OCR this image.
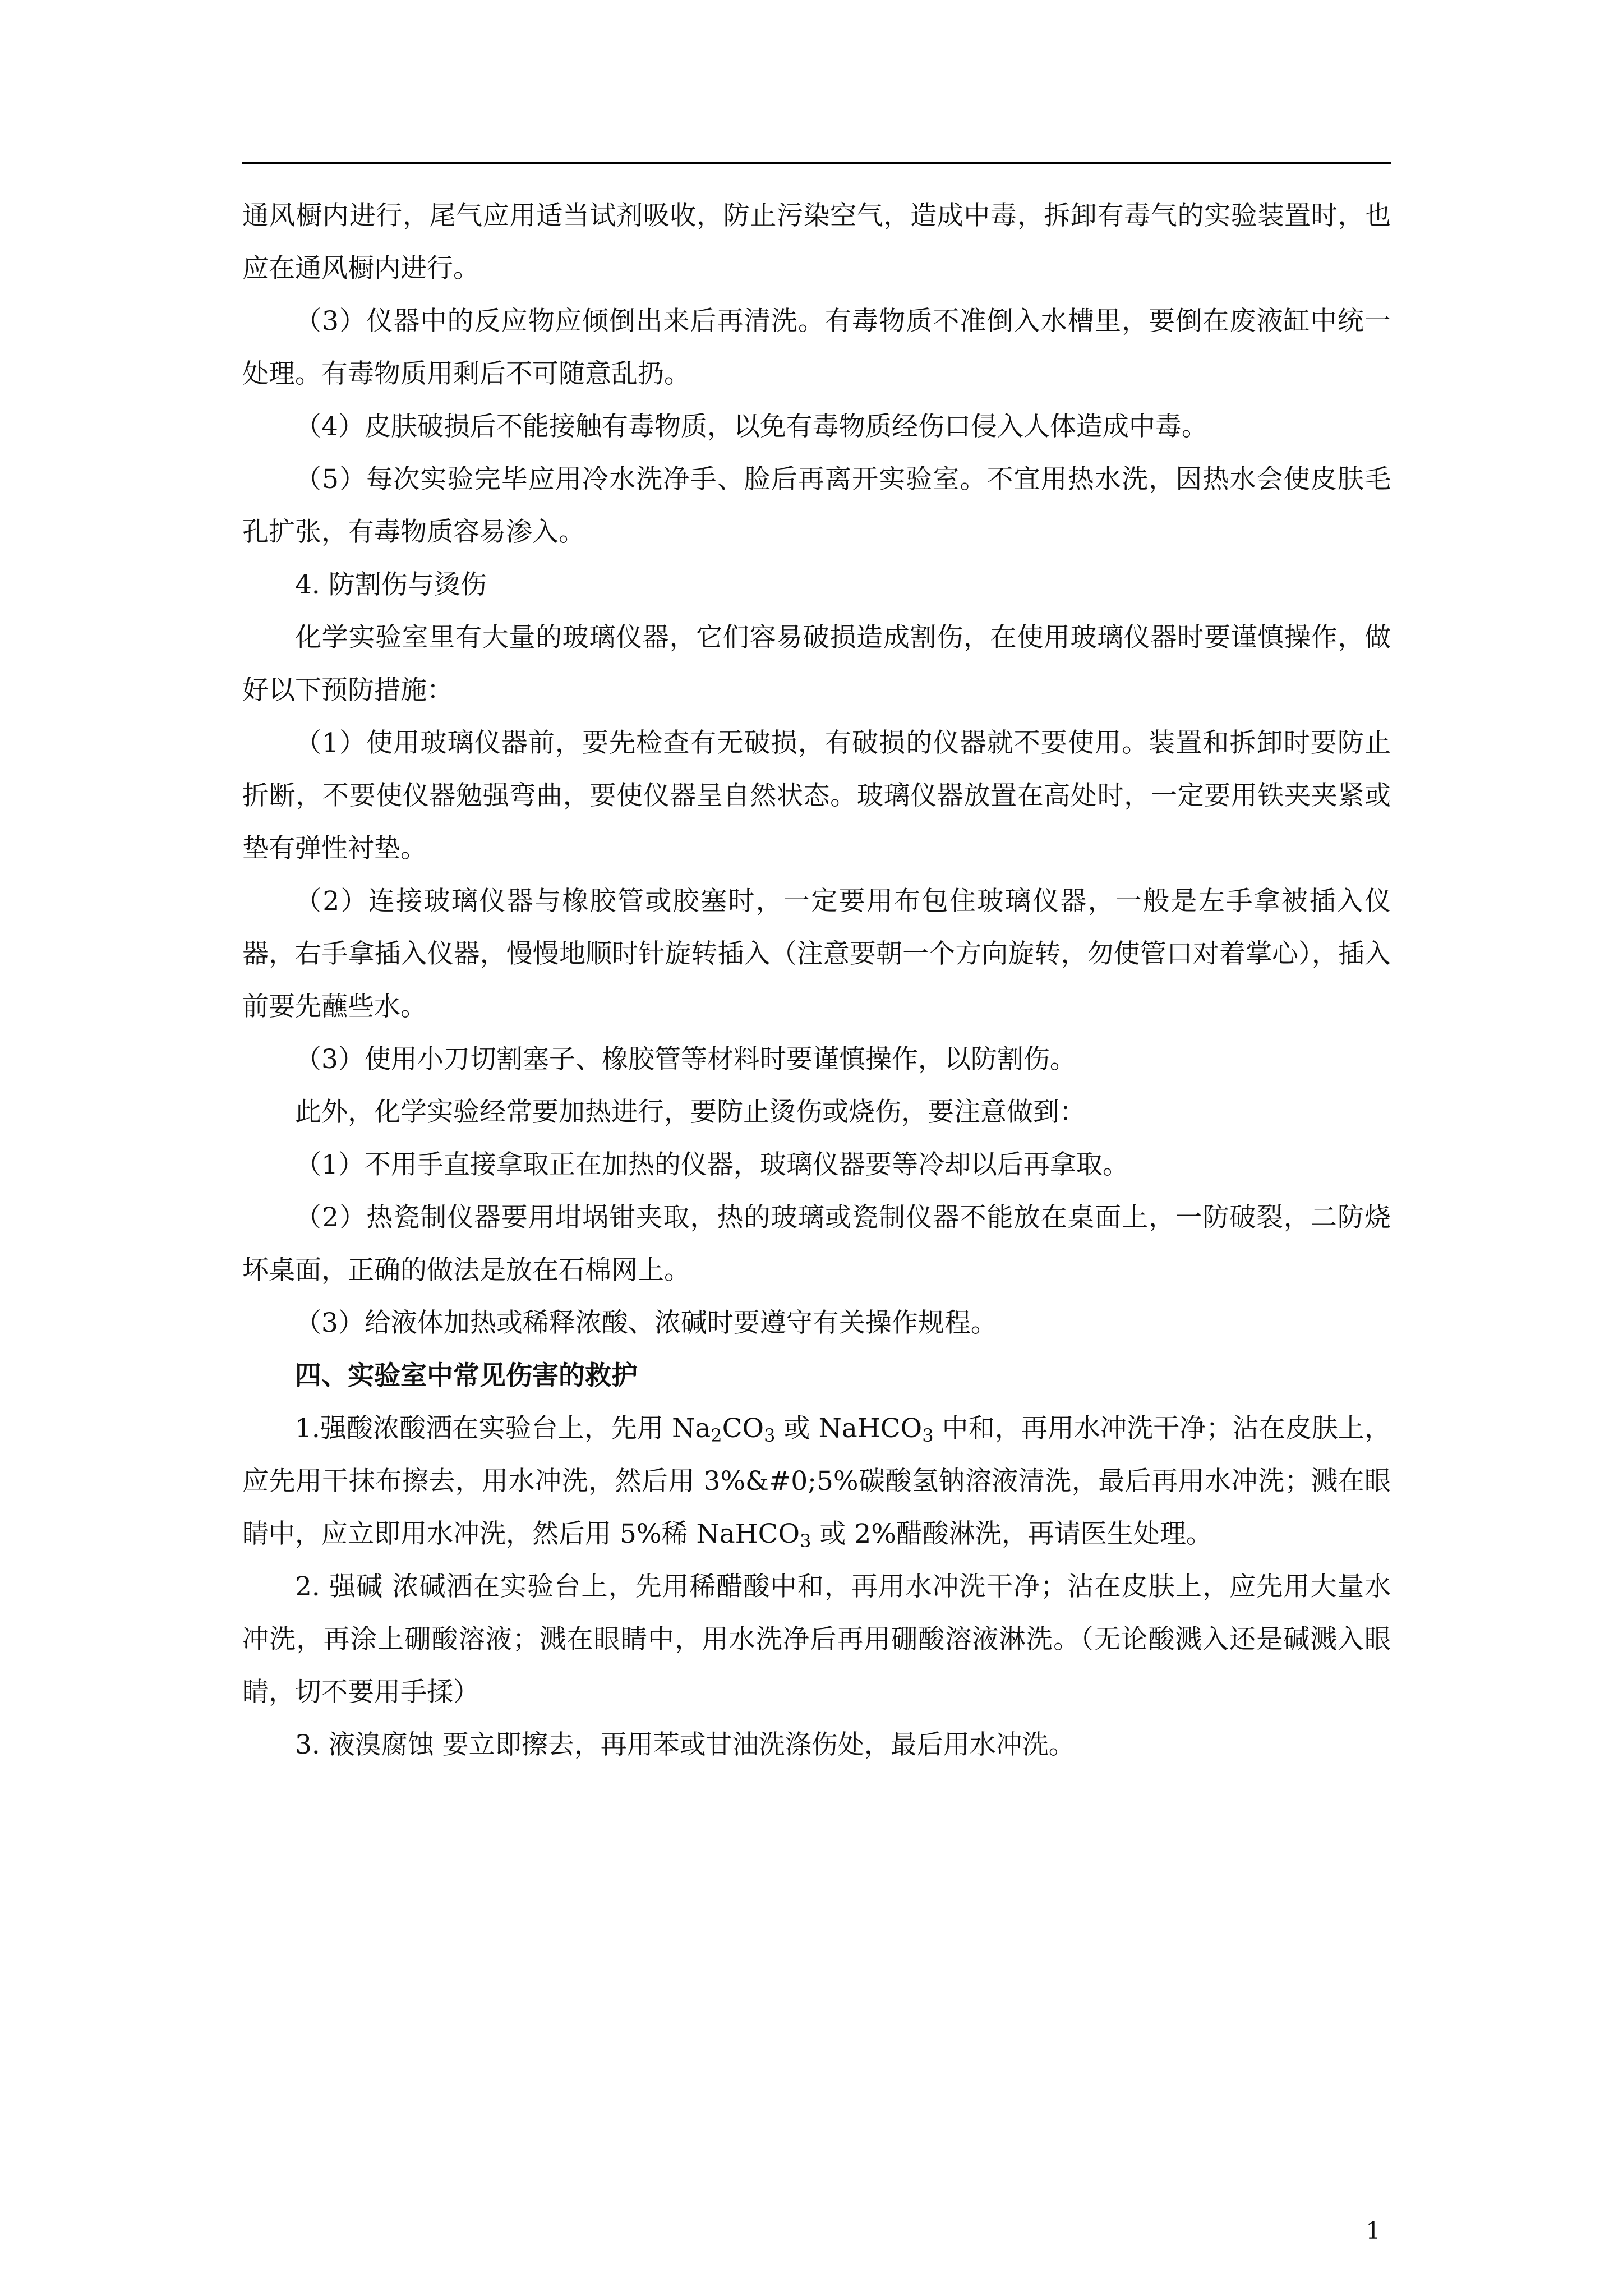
通风橱内进行，尾气应用适当试剂吸收，防止污染空气，造成中毒，拆卸有毒气的实验装置时，也应在通风橱内进行。

（3）仪器中的反应物应倾倒出来后再清洗。有毒物质不准倒入水槽里，要倒在废液缸中统一处理。有毒物质用剩后不可随意乱扔。

（4）皮肤破损后不能接触有毒物质，以免有毒物质经伤口侵入人体造成中毒。

（5）每次实验完毕应用冷水洗净手、脸后再离开实验室。不宜用热水洗，因热水会使皮肤毛孔扩张，有毒物质容易渗入。

4. 防割伤与烫伤

化学实验室里有大量的玻璃仪器，它们容易破损造成割伤，在使用玻璃仪器时要谨慎操作，做好以下预防措施：

（1）使用玻璃仪器前，要先检查有无破损，有破损的仪器就不要使用。装置和拆卸时要防止折断，不要使仪器勉强弯曲，要使仪器呈自然状态。玻璃仪器放置在高处时，一定要用铁夹夹紧或垫有弹性衬垫。

（2）连接玻璃仪器与橡胶管或胶塞时，一定要用布包住玻璃仪器，一般是左手拿被插入仪器，右手拿插入仪器，慢慢地顺时针旋转插入（注意要朝一个方向旋转，勿使管口对着掌心），插入前要先蘸些水。

（3）使用小刀切割塞子、橡胶管等材料时要谨慎操作，以防割伤。

此外，化学实验经常要加热进行，要防止烫伤或烧伤，要注意做到：

（1）不用手直接拿取正在加热的仪器，玻璃仪器要等冷却以后再拿取。

（2）热瓷制仪器要用坩埚钳夹取，热的玻璃或瓷制仪器不能放在桌面上，一防破裂，二防烧坏桌面，正确的做法是放在石棉网上。

（3）给液体加热或稀释浓酸、浓碱时要遵守有关操作规程。

四、实验室中常见伤害的救护

1.强酸浓酸洒在实验台上，先用 $Na_2CO_3$ 或 NaHCO$_3$ 中和，再用水冲洗干净；沾在皮肤上，应先用干抹布擦去，用水冲洗，然后用 3%&#0;5%碳酸氢钠溶液清洗，最后再用水冲洗；溅在眼睛中，应立即用水冲洗，然后用 5%稀 NaHCO$_3$ 或 2%醋酸淋洗，再请医生处理。

2. 强碱 浓碱洒在实验台上，先用稀醋酸中和，再用水冲洗干净；沾在皮肤上，应先用大量水冲洗，再涂上硼酸溶液；溅在眼睛中，用水洗净后再用硼酸溶液淋洗。（无论酸溅入还是碱溅入眼睛，切不要用手揉）

3. 液溴腐蚀 要立即擦去，再用苯或甘油洗涤伤处，最后用水冲洗。

1
